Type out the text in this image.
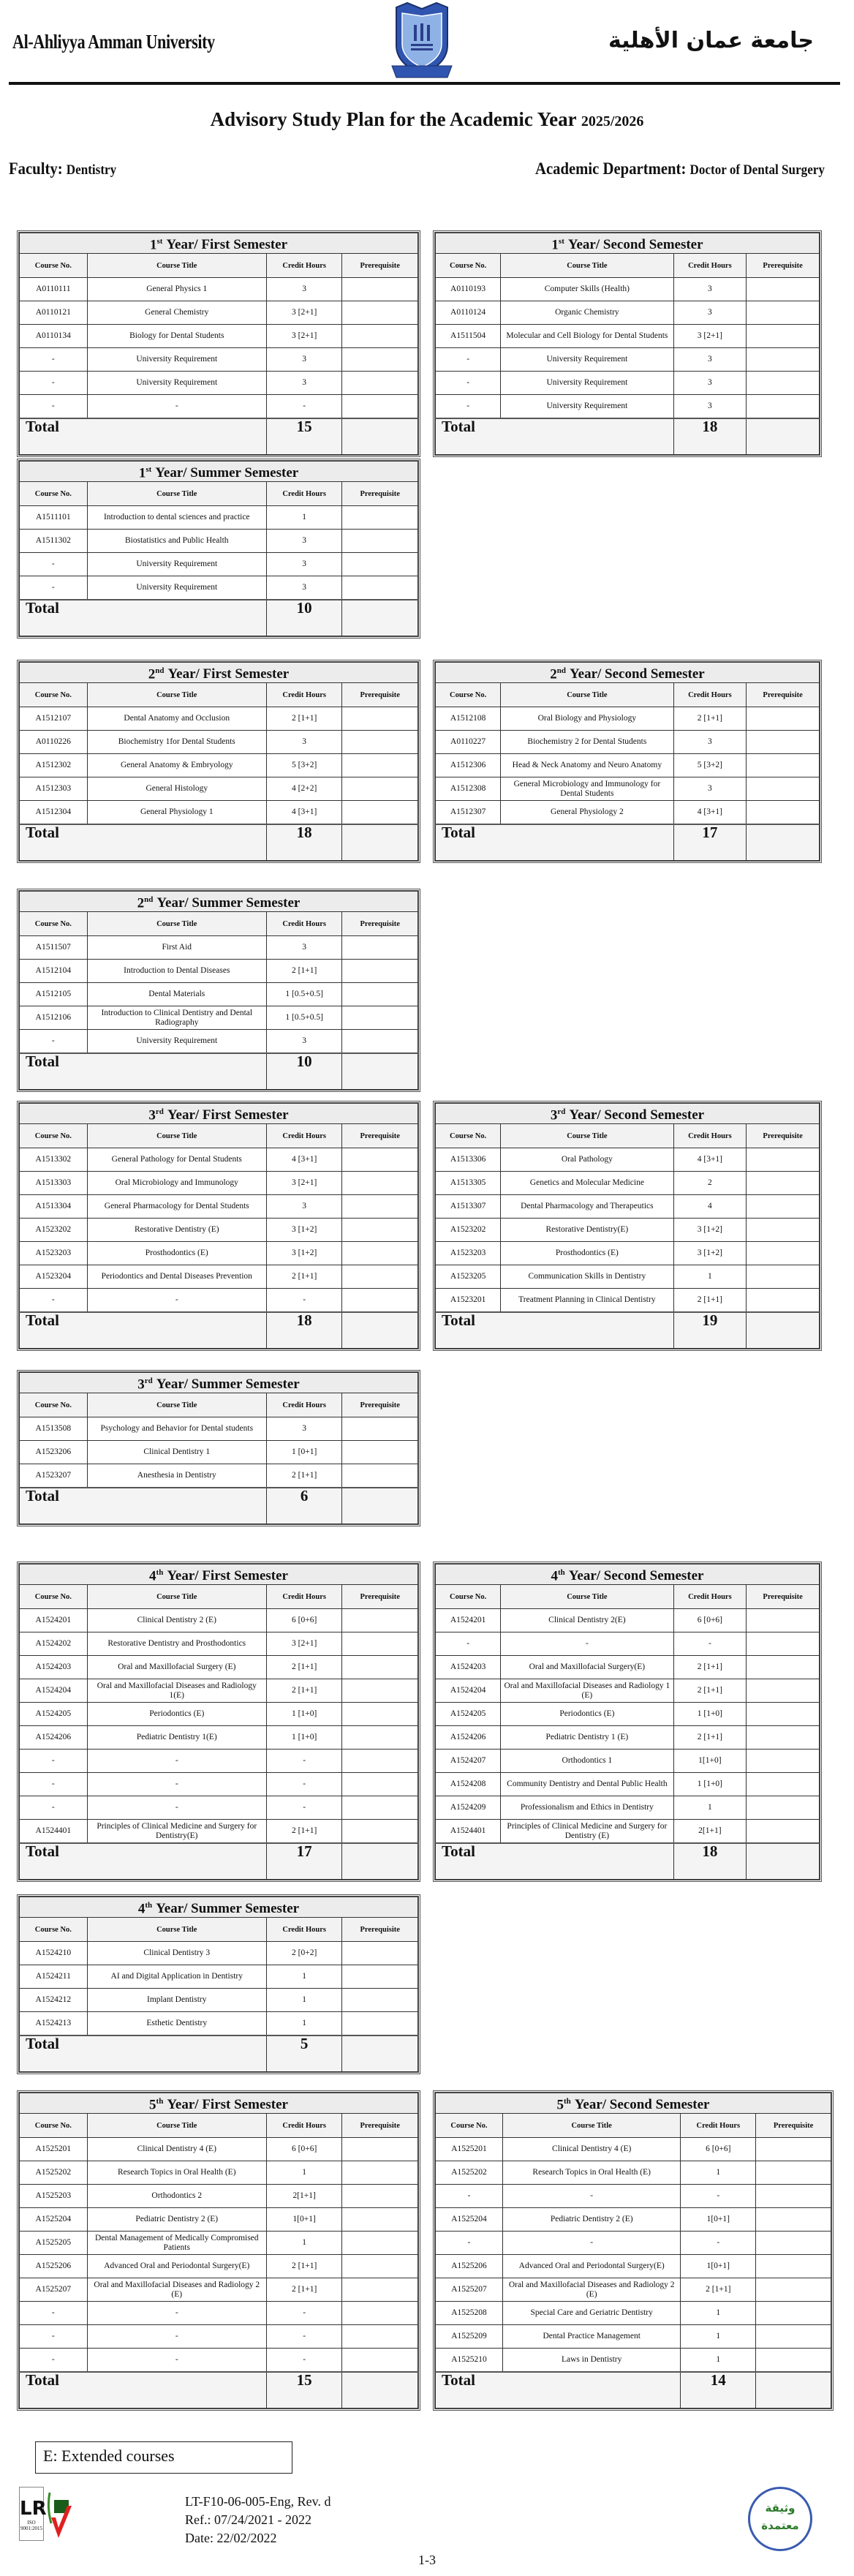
Al-Ahliyya Amman University	جامعة عمان الأهلية
Advisory Study Plan for the Academic Year 2025/2026
Faculty: Dentistry	Academic Department: Doctor of Dental Surgery
1st Year/ First Semester			
Course No.	Course Title	Credit Hours	Prerequisite
A0110111	General Physics 1	3	
A0110121	General Chemistry	3 [2+1]	
A0110134	Biology for Dental Students	3 [2+1]	
-	University Requirement	3	
-	University Requirement	3	
-	-	-	
Total		15	
1st Year/ Second Semester			
Course No.	Course Title	Credit Hours	Prerequisite
A0110193	Computer Skills (Health)	3	
A0110124	Organic Chemistry	3	
A1511504	Molecular and Cell Biology for Dental Students	3 [2+1]	
-	University Requirement	3	
-	University Requirement	3	
-	University Requirement	3	
Total		18	
1st Year/ Summer Semester			
Course No.	Course Title	Credit Hours	Prerequisite
A1511101	Introduction to dental sciences and practice	1	
A1511302	Biostatistics and Public Health	3	
-	University Requirement	3	
-	University Requirement	3	
Total		10	
2nd Year/ First Semester			
Course No.	Course Title	Credit Hours	Prerequisite
A1512107	Dental Anatomy and Occlusion	2 [1+1]	
A0110226	Biochemistry 1for Dental Students	3	
A1512302	General Anatomy & Embryology	5 [3+2]	
A1512303	General Histology	4 [2+2]	
A1512304	General Physiology 1	4 [3+1]	
Total		18	
2nd Year/ Second Semester			
Course No.	Course Title	Credit Hours	Prerequisite
A1512108	Oral Biology and Physiology	2 [1+1]	
A0110227	Biochemistry 2 for Dental Students	3	
A1512306	Head & Neck Anatomy and Neuro Anatomy	5 [3+2]	
A1512308	General Microbiology and Immunology for Dental Students	3	
A1512307	General Physiology 2	4 [3+1]	
Total		17	
2nd Year/ Summer Semester			
Course No.	Course Title	Credit Hours	Prerequisite
A1511507	First Aid	3	
A1512104	Introduction to Dental Diseases	2 [1+1]	
A1512105	Dental Materials	1 [0.5+0.5]	
A1512106	Introduction to Clinical Dentistry and Dental Radiography	1 [0.5+0.5]	
-	University Requirement	3	
Total		10	
3rd Year/ First Semester			
Course No.	Course Title	Credit Hours	Prerequisite
A1513302	General Pathology for Dental Students	4 [3+1]	
A1513303	Oral Microbiology and Immunology	3 [2+1]	
A1513304	General Pharmacology for Dental Students	3	
A1523202	Restorative Dentistry (E)	3 [1+2]	
A1523203	Prosthodontics (E)	3 [1+2]	
A1523204	Periodontics and Dental Diseases Prevention	2 [1+1]	
-	-	-	
Total		18	
3rd Year/ Second Semester			
Course No.	Course Title	Credit Hours	Prerequisite
A1513306	Oral Pathology	4 [3+1]	
A1513305	Genetics and Molecular Medicine	2	
A1513307	Dental Pharmacology and Therapeutics	4	
A1523202	Restorative Dentistry(E)	3 [1+2]	
A1523203	Prosthodontics (E)	3 [1+2]	
A1523205	Communication Skills in Dentistry	1	
A1523201	Treatment Planning in Clinical Dentistry	2 [1+1]	
Total		19	
3rd Year/ Summer Semester			
Course No.	Course Title	Credit Hours	Prerequisite
A1513508	Psychology and Behavior for Dental students	3	
A1523206	Clinical Dentistry 1	1 [0+1]	
A1523207	Anesthesia in Dentistry	2 [1+1]	
Total		6	
4th Year/ First Semester			
Course No.	Course Title	Credit Hours	Prerequisite
A1524201	Clinical Dentistry 2 (E)	6 [0+6]	
A1524202	Restorative Dentistry and Prosthodontics	3 [2+1]	
A1524203	Oral and Maxillofacial Surgery (E)	2 [1+1]	
A1524204	Oral and Maxillofacial Diseases and Radiology 1(E)	2 [1+1]	
A1524205	Periodontics (E)	1 [1+0]	
A1524206	Pediatric Dentistry 1(E)	1 [1+0]	
-	-	-	
-	-	-	
-	-	-	
A1524401	Principles of Clinical Medicine and Surgery for Dentistry(E)	2 [1+1]	
Total		17	
4th Year/ Second Semester			
Course No.	Course Title	Credit Hours	Prerequisite
A1524201	Clinical Dentistry 2(E)	6 [0+6]	
-	-	-	
A1524203	Oral and Maxillofacial Surgery(E)	2 [1+1]	
A1524204	Oral and Maxillofacial Diseases and Radiology 1 (E)	2 [1+1]	
A1524205	Periodontics (E)	1 [1+0]	
A1524206	Pediatric Dentistry 1 (E)	2 [1+1]	
A1524207	Orthodontics 1	1[1+0]	
A1524208	Community Dentistry and Dental Public Health	1 [1+0]	
A1524209	Professionalism and Ethics in Dentistry	1	
A1524401	Principles of Clinical Medicine and Surgery for Dentistry (E)	2[1+1]	
Total		18	
4th Year/ Summer Semester			
Course No.	Course Title	Credit Hours	Prerequisite
A1524210	Clinical Dentistry 3	2 [0+2]	
A1524211	AI and Digital Application in Dentistry	1	
A1524212	Implant Dentistry	1	
A1524213	Esthetic Dentistry	1	
Total		5	
5th Year/ First Semester			
Course No.	Course Title	Credit Hours	Prerequisite
A1525201	Clinical Dentistry 4 (E)	6 [0+6]	
A1525202	Research Topics in Oral Health (E)	1	
A1525203	Orthodontics 2	2[1+1]	
A1525204	Pediatric Dentistry 2 (E)	1[0+1]	
A1525205	Dental Management of Medically Compromised Patients	1	
A1525206	Advanced Oral and Periodontal Surgery(E)	2 [1+1]	
A1525207	Oral and Maxillofacial Diseases and Radiology 2 (E)	2 [1+1]	
-	-	-	
-	-	-	
-	-	-	
Total		15	
5th Year/ Second Semester			
Course No.	Course Title	Credit Hours	Prerequisite
A1525201	Clinical Dentistry 4 (E)	6 [0+6]	
A1525202	Research Topics in Oral Health (E)	1	
-	-	-	
A1525204	Pediatric Dentistry 2 (E)	1[0+1]	
-	-	-	
A1525206	Advanced Oral and Periodontal Surgery(E)	1[0+1]	
A1525207	Oral and Maxillofacial Diseases and Radiology 2 (E)	2 [1+1]	
A1525208	Special Care and Geriatric Dentistry	1	
A1525209	Dental Practice Management	1	
A1525210	Laws in Dentistry	1	
Total		14	
E: Extended courses
LR
ISO 9001:2015
LT-F10-06-005-Eng, Rev. d
Ref.: 07/24/2021 - 2022
Date: 22/02/2022
وثيقة معتمدة
1-3
